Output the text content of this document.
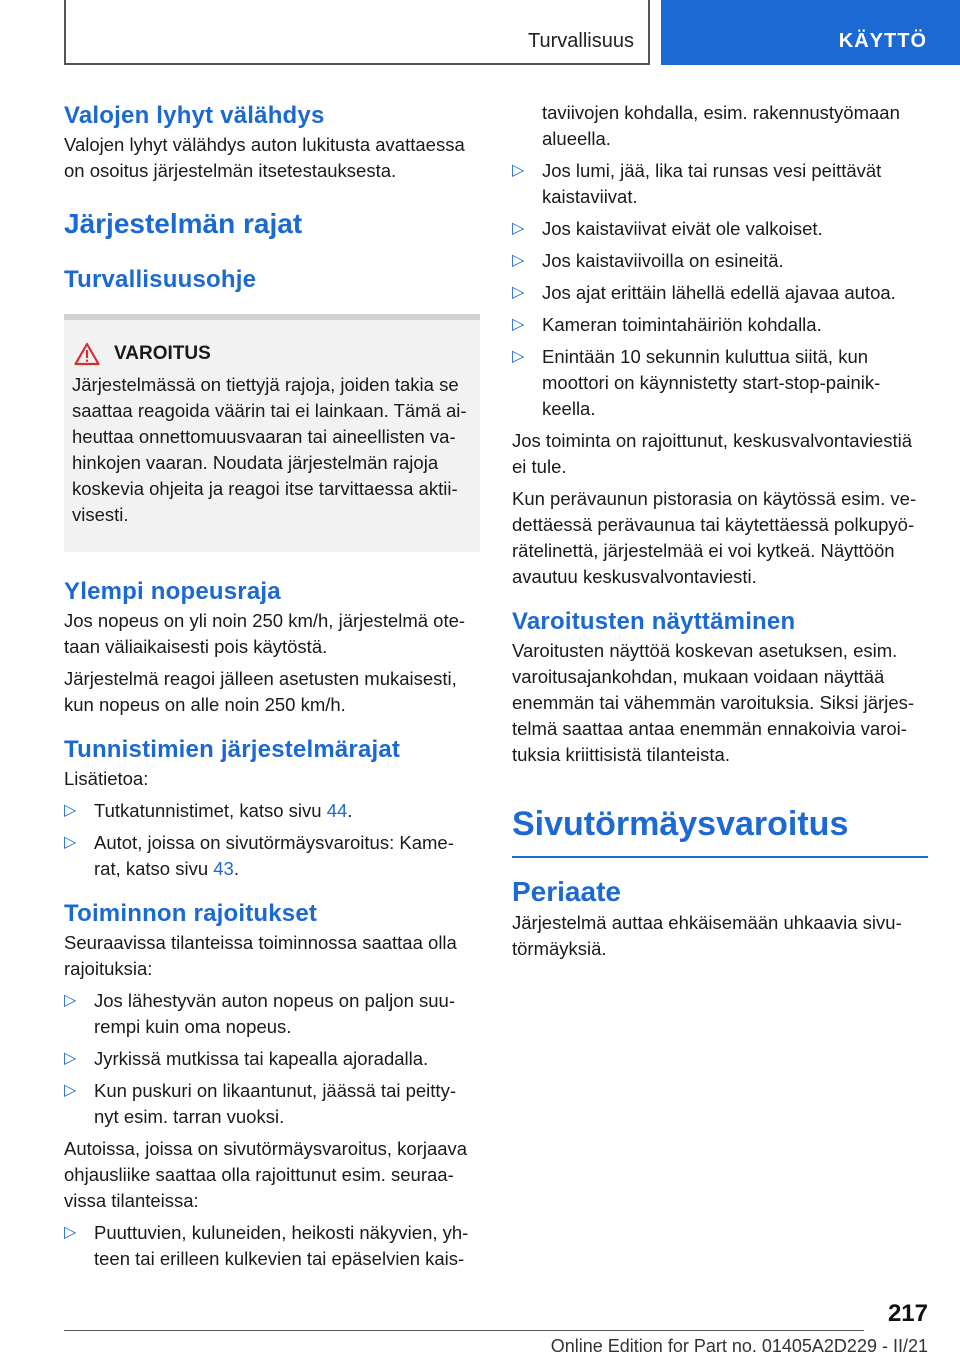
Turvallisuus	KÄYTTÖ
Valojen lyhyt välähdys

Valojen lyhyt välähdys auton lukitusta avattaessa on osoitus järjestelmän itsetestauksesta.

Järjestelmän rajat
Turvallisuusohje
VAROITUS

Järjestelmässä on tiettyjä rajoja, joiden takia se saattaa reagoida väärin tai ei lainkaan. Tämä ai-heuttaa onnettomuusvaaran tai aineellisten va-hinkojen vaaran. Noudata järjestelmän rajoja koskevia ohjeita ja reagoi itse tarvittaessa aktii-visesti.

Ylempi nopeusraja

Jos nopeus on yli noin 250 km/h, järjestelmä ote-taan väliaikaisesti pois käytöstä.

Järjestelmä reagoi jälleen asetusten mukaisesti, kun nopeus on alle noin 250 km/h.

Tunnistimien järjestelmärajat

Lisätietoa:

▷ Tutkatunnistimet, katso sivu 44.
▷ Autot, joissa on sivutörmäysvaroitus: Kame-rat, katso sivu 43.
Toiminnon rajoitukset

Seuraavissa tilanteissa toiminnossa saattaa olla rajoituksia:

▷ Jos lähestyvän auton nopeus on paljon suu-rempi kuin oma nopeus.
▷ Jyrkissä mutkissa tai kapealla ajoradalla.
▷ Kun puskuri on likaantunut, jäässä tai peitty-nyt esim. tarran vuoksi.

Autoissa, joissa on sivutörmäysvaroitus, korjaava ohjausliike saattaa olla rajoittunut esim. seuraa-vissa tilanteissa:

▷ Puuttuvien, kuluneiden, heikosti näkyvien, yh-teen tai erilleen kulkevien tai epäselvien kais-
taviivojen kohdalla, esim. rakennustyömaan alueella.
▷ Jos lumi, jää, lika tai runsas vesi peittävät kaistaviivat.
▷ Jos kaistaviivat eivät ole valkoiset.
▷ Jos kaistaviivoilla on esineitä.
▷ Jos ajat erittäin lähellä edellä ajavaa autoa.
▷ Kameran toimintahäiriön kohdalla.
▷ Enintään 10 sekunnin kuluttua siitä, kun moottori on käynnistetty start-stop-painik-keella.

Jos toiminta on rajoittunut, keskusvalvontaviestiä ei tule.

Kun perävaunun pistorasia on käytössä esim. ve-dettäessä perävaunua tai käytettäessä polkupyö-rätelinettä, järjestelmää ei voi kytkeä. Näyttöön avautuu keskusvalvontaviesti.

Varoitusten näyttäminen

Varoitusten näyttöä koskevan asetuksen, esim. varoitusajankohdan, mukaan voidaan näyttää enemmän tai vähemmän varoituksia. Siksi järjes-telmä saattaa antaa enemmän ennakoivia varoi-tuksia kriittisistä tilanteista.

Sivutörmäysvaroitus
Periaate

Järjestelmä auttaa ehkäisemään uhkaavia sivu-törmäyksiä.

217
Online Edition for Part no. 01405A2D229 - II/21
